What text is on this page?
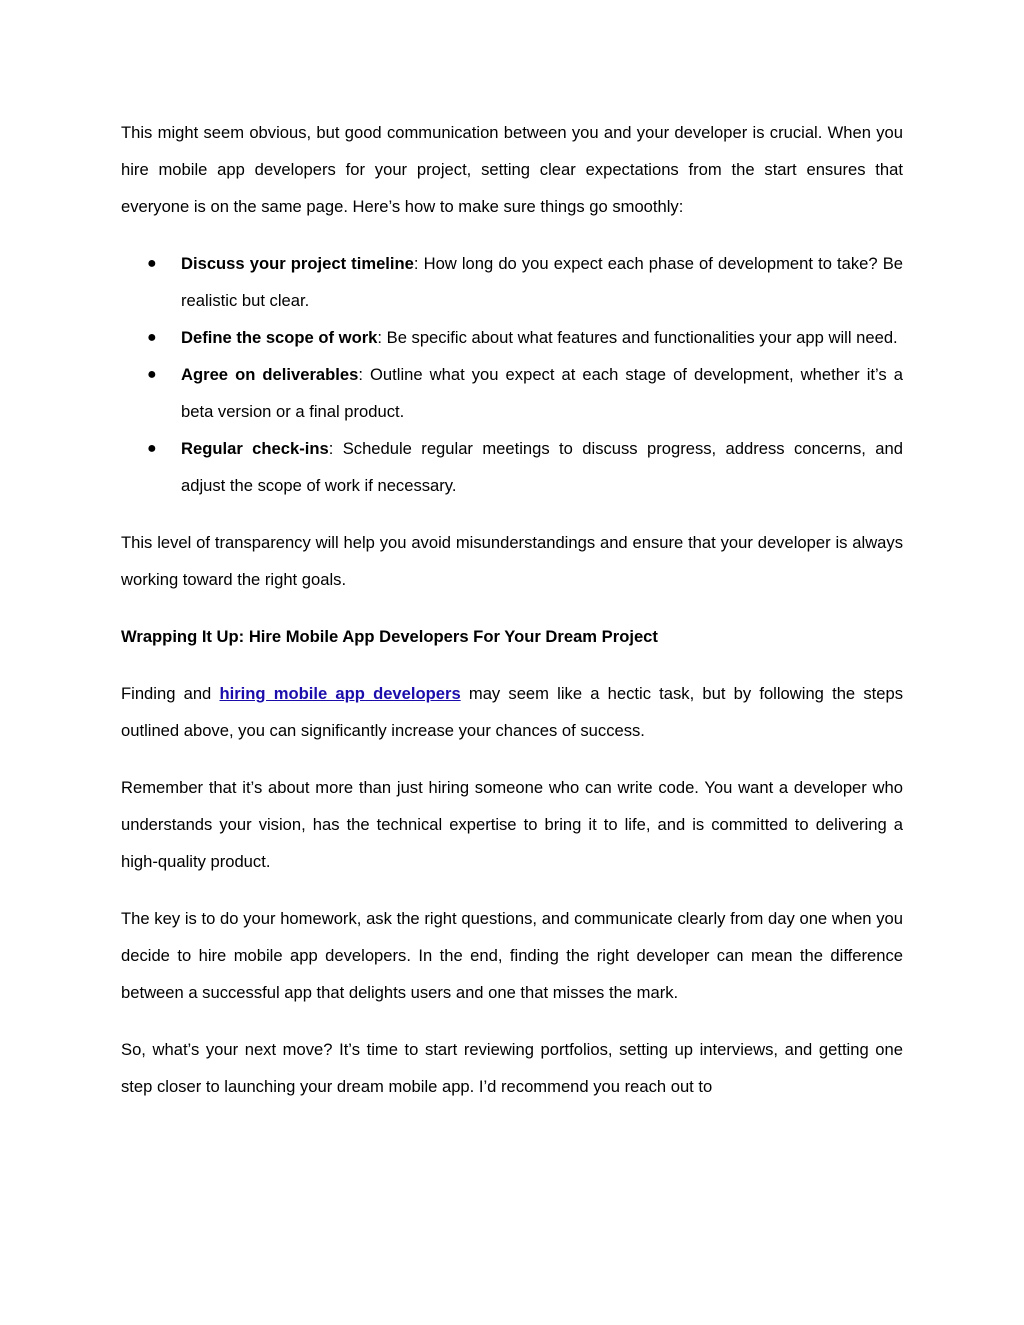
This might seem obvious, but good communication between you and your developer is crucial. When you hire mobile app developers for your project, setting clear expectations from the start ensures that everyone is on the same page. Here’s how to make sure things go smoothly:

● Discuss your project timeline: How long do you expect each phase of development to take? Be realistic but clear.
● Define the scope of work: Be specific about what features and functionalities your app will need.
● Agree on deliverables: Outline what you expect at each stage of development, whether it’s a beta version or a final product.
● Regular check-ins: Schedule regular meetings to discuss progress, address concerns, and adjust the scope of work if necessary.

This level of transparency will help you avoid misunderstandings and ensure that your developer is always working toward the right goals.

Wrapping It Up: Hire Mobile App Developers For Your Dream Project

Finding and hiring mobile app developers may seem like a hectic task, but by following the steps outlined above, you can significantly increase your chances of success.

Remember that it’s about more than just hiring someone who can write code. You want a developer who understands your vision, has the technical expertise to bring it to life, and is committed to delivering a high-quality product.

The key is to do your homework, ask the right questions, and communicate clearly from day one when you decide to hire mobile app developers. In the end, finding the right developer can mean the difference between a successful app that delights users and one that misses the mark.

So, what’s your next move? It’s time to start reviewing portfolios, setting up interviews, and getting one step closer to launching your dream mobile app. I’d recommend you reach out to
